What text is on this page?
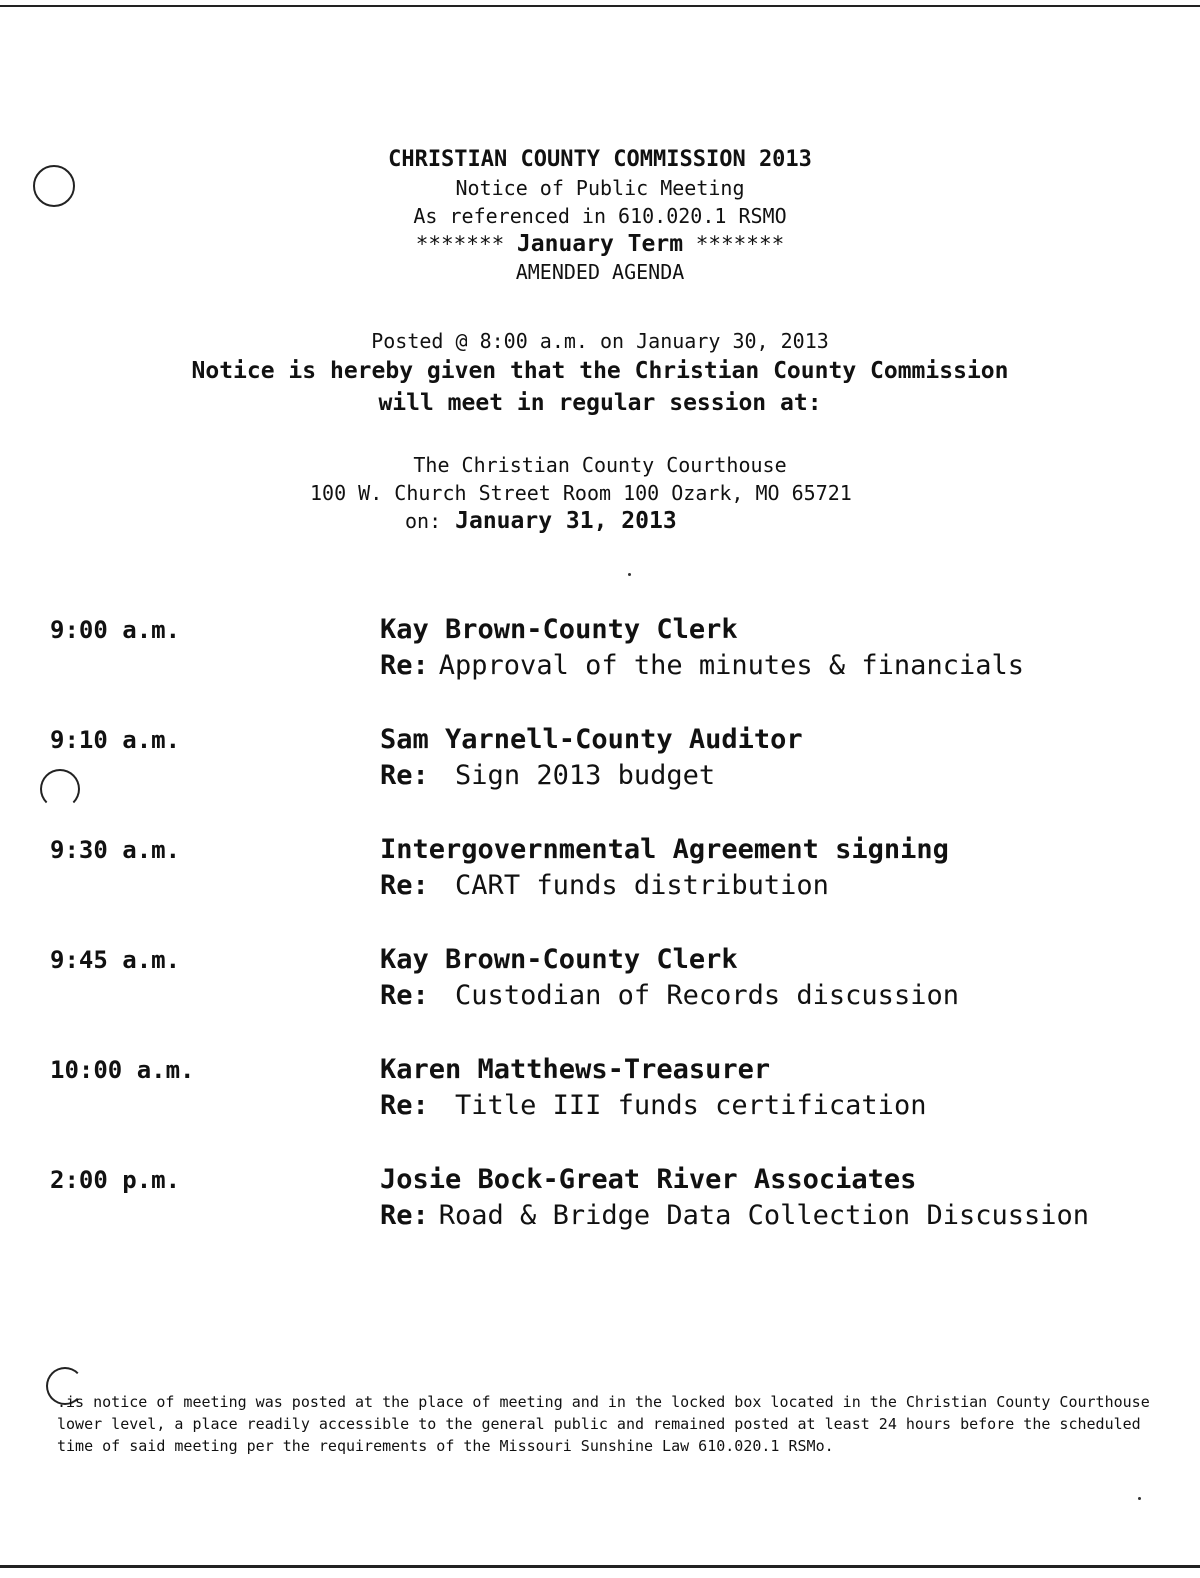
CHRISTIAN COUNTY COMMISSION 2013
Notice of Public Meeting
As referenced in 610.020.1 RSMO
******* January Term *******
AMENDED AGENDA
Posted @ 8:00 a.m. on January 30, 2013
Notice is hereby given that the Christian County Commission
will meet in regular session at:
The Christian County Courthouse
100 W. Church Street Room 100 Ozark, MO 65721
on: January 31, 2013
9:00 a.m.	Kay Brown-County Clerk
Re: Approval of the minutes & financials
9:10 a.m.	Sam Yarnell-County Auditor
Re: Sign 2013 budget
9:30 a.m.	Intergovernmental Agreement signing
Re: CART funds distribution
9:45 a.m.	Kay Brown-County Clerk
Re: Custodian of Records discussion
10:00 a.m.	Karen Matthews-Treasurer
Re: Title III funds certification
2:00 p.m.	Josie Bock-Great River Associates
Re: Road & Bridge Data Collection Discussion
.is notice of meeting was posted at the place of meeting and in the locked box located in the Christian County Courthouse lower level, a place readily accessible to the general public and remained posted at least 24 hours before the scheduled time of said meeting per the requirements of the Missouri Sunshine Law 610.020.1 RSMo.
